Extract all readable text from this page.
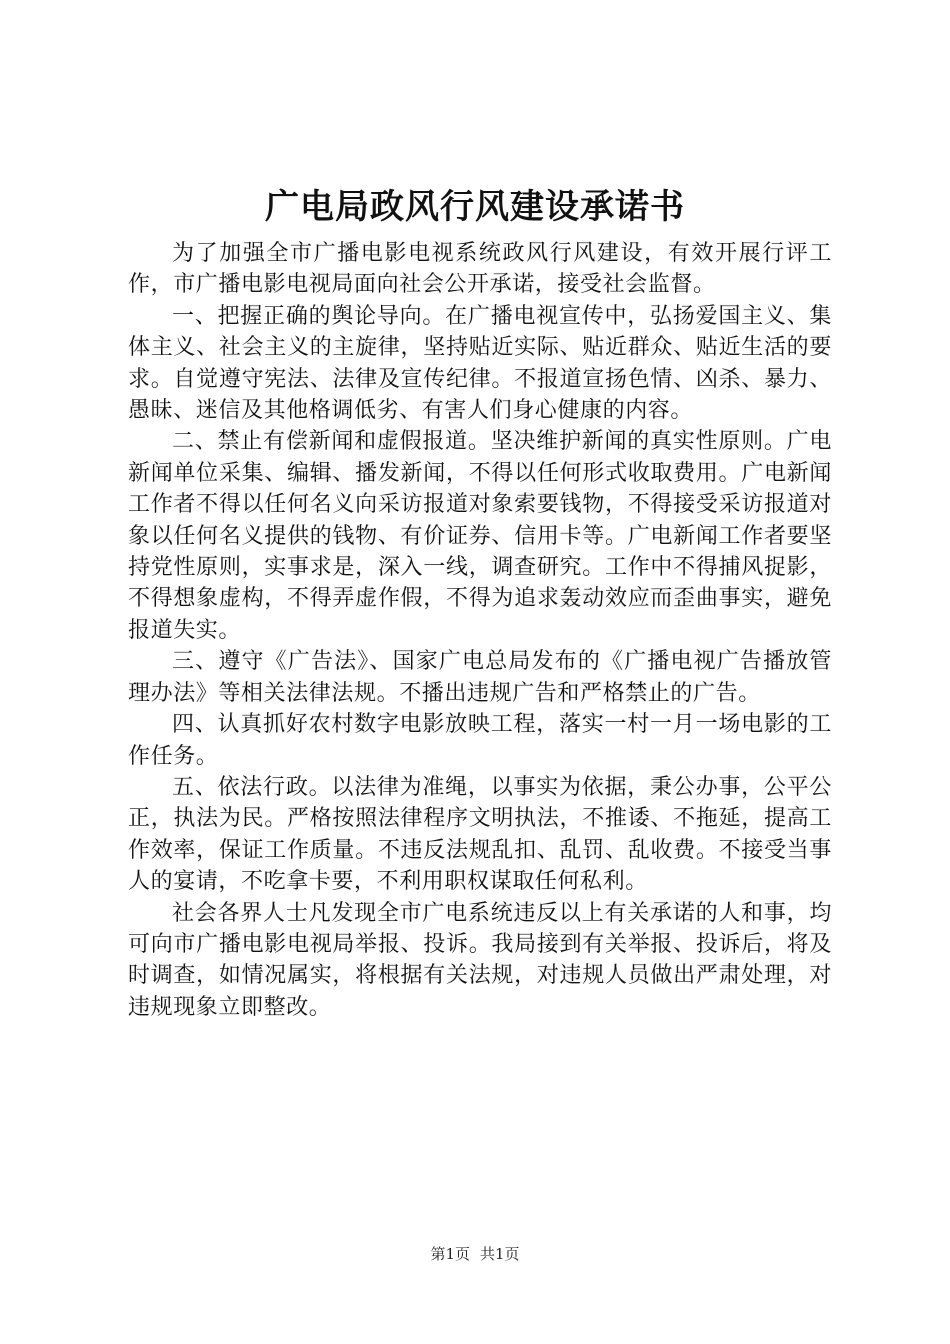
广电局政风行风建设承诺书

为了加强全市广播电影电视系统政风行风建设，有效开展行评工作，市广播电影电视局面向社会公开承诺，接受社会监督。

一、把握正确的舆论导向。在广播电视宣传中，弘扬爱国主义、集体主义、社会主义的主旋律，坚持贴近实际、贴近群众、贴近生活的要求。自觉遵守宪法、法律及宣传纪律。不报道宣扬色情、凶杀、暴力、愚昧、迷信及其他格调低劣、有害人们身心健康的内容。

二、禁止有偿新闻和虚假报道。坚决维护新闻的真实性原则。广电新闻单位采集、编辑、播发新闻，不得以任何形式收取费用。广电新闻工作者不得以任何名义向采访报道对象索要钱物，不得接受采访报道对象以任何名义提供的钱物、有价证券、信用卡等。广电新闻工作者要坚持党性原则，实事求是，深入一线，调查研究。工作中不得捕风捉影，不得想象虚构，不得弄虚作假，不得为追求轰动效应而歪曲事实，避免报道失实。

三、遵守《广告法》、国家广电总局发布的《广播电视广告播放管理办法》等相关法律法规。不播出违规广告和严格禁止的广告。

四、认真抓好农村数字电影放映工程，落实一村一月一场电影的工作任务。

五、依法行政。以法律为准绳，以事实为依据，秉公办事，公平公正，执法为民。严格按照法律程序文明执法，不推诿、不拖延，提高工作效率，保证工作质量。不违反法规乱扣、乱罚、乱收费。不接受当事人的宴请，不吃拿卡要，不利用职权谋取任何私利。

社会各界人士凡发现全市广电系统违反以上有关承诺的人和事，均可向市广播电影电视局举报、投诉。我局接到有关举报、投诉后，将及时调查，如情况属实，将根据有关法规，对违规人员做出严肃处理，对违规现象立即整改。

第1页 共1页
